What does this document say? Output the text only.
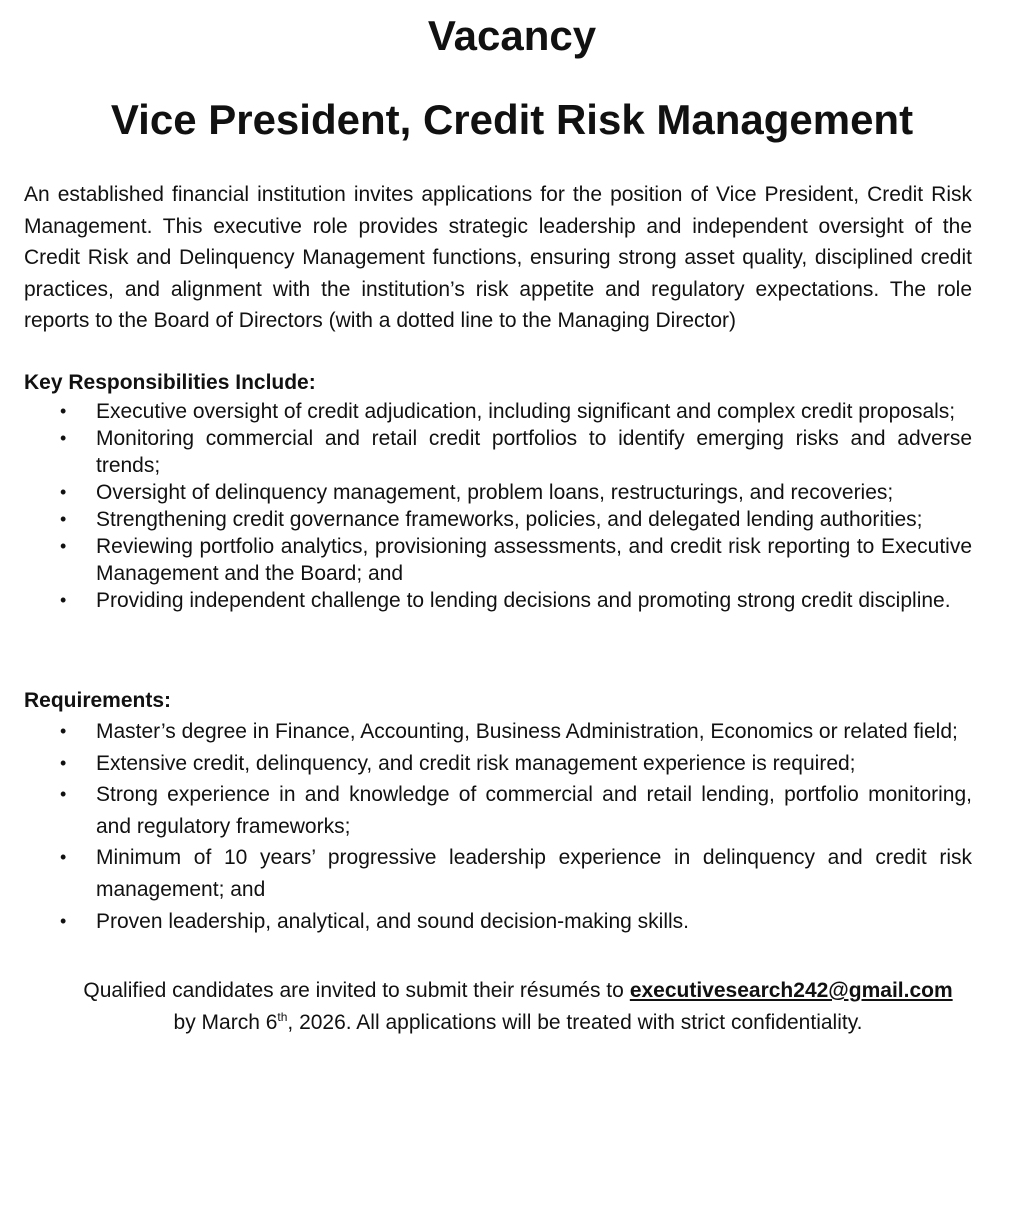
Vacancy
Vice President, Credit Risk Management

An established financial institution invites applications for the position of Vice President, Credit Risk Management. This executive role provides strategic leadership and independent oversight of the Credit Risk and Delinquency Management functions, ensuring strong asset quality, disciplined credit practices, and alignment with the institution’s risk appetite and regulatory expectations. The role reports to the Board of Directors (with a dotted line to the Managing Director)

Key Responsibilities Include:
• Executive oversight of credit adjudication, including significant and complex credit proposals;
• Monitoring commercial and retail credit portfolios to identify emerging risks and adverse trends;
• Oversight of delinquency management, problem loans, restructurings, and recoveries;
• Strengthening credit governance frameworks, policies, and delegated lending authorities;
• Reviewing portfolio analytics, provisioning assessments, and credit risk reporting to Executive Management and the Board; and
• Providing independent challenge to lending decisions and promoting strong credit discipline.
Requirements:
• Master’s degree in Finance, Accounting, Business Administration, Economics or related field;
• Extensive credit, delinquency, and credit risk management experience is required;
• Strong experience in and knowledge of commercial and retail lending, portfolio monitoring, and regulatory frameworks;
• Minimum of 10 years’ progressive leadership experience in delinquency and credit risk management; and
• Proven leadership, analytical, and sound decision-making skills.
Qualified candidates are invited to submit their résumés to executivesearch242@gmail.com
by March 6th, 2026. All applications will be treated with strict confidentiality.
